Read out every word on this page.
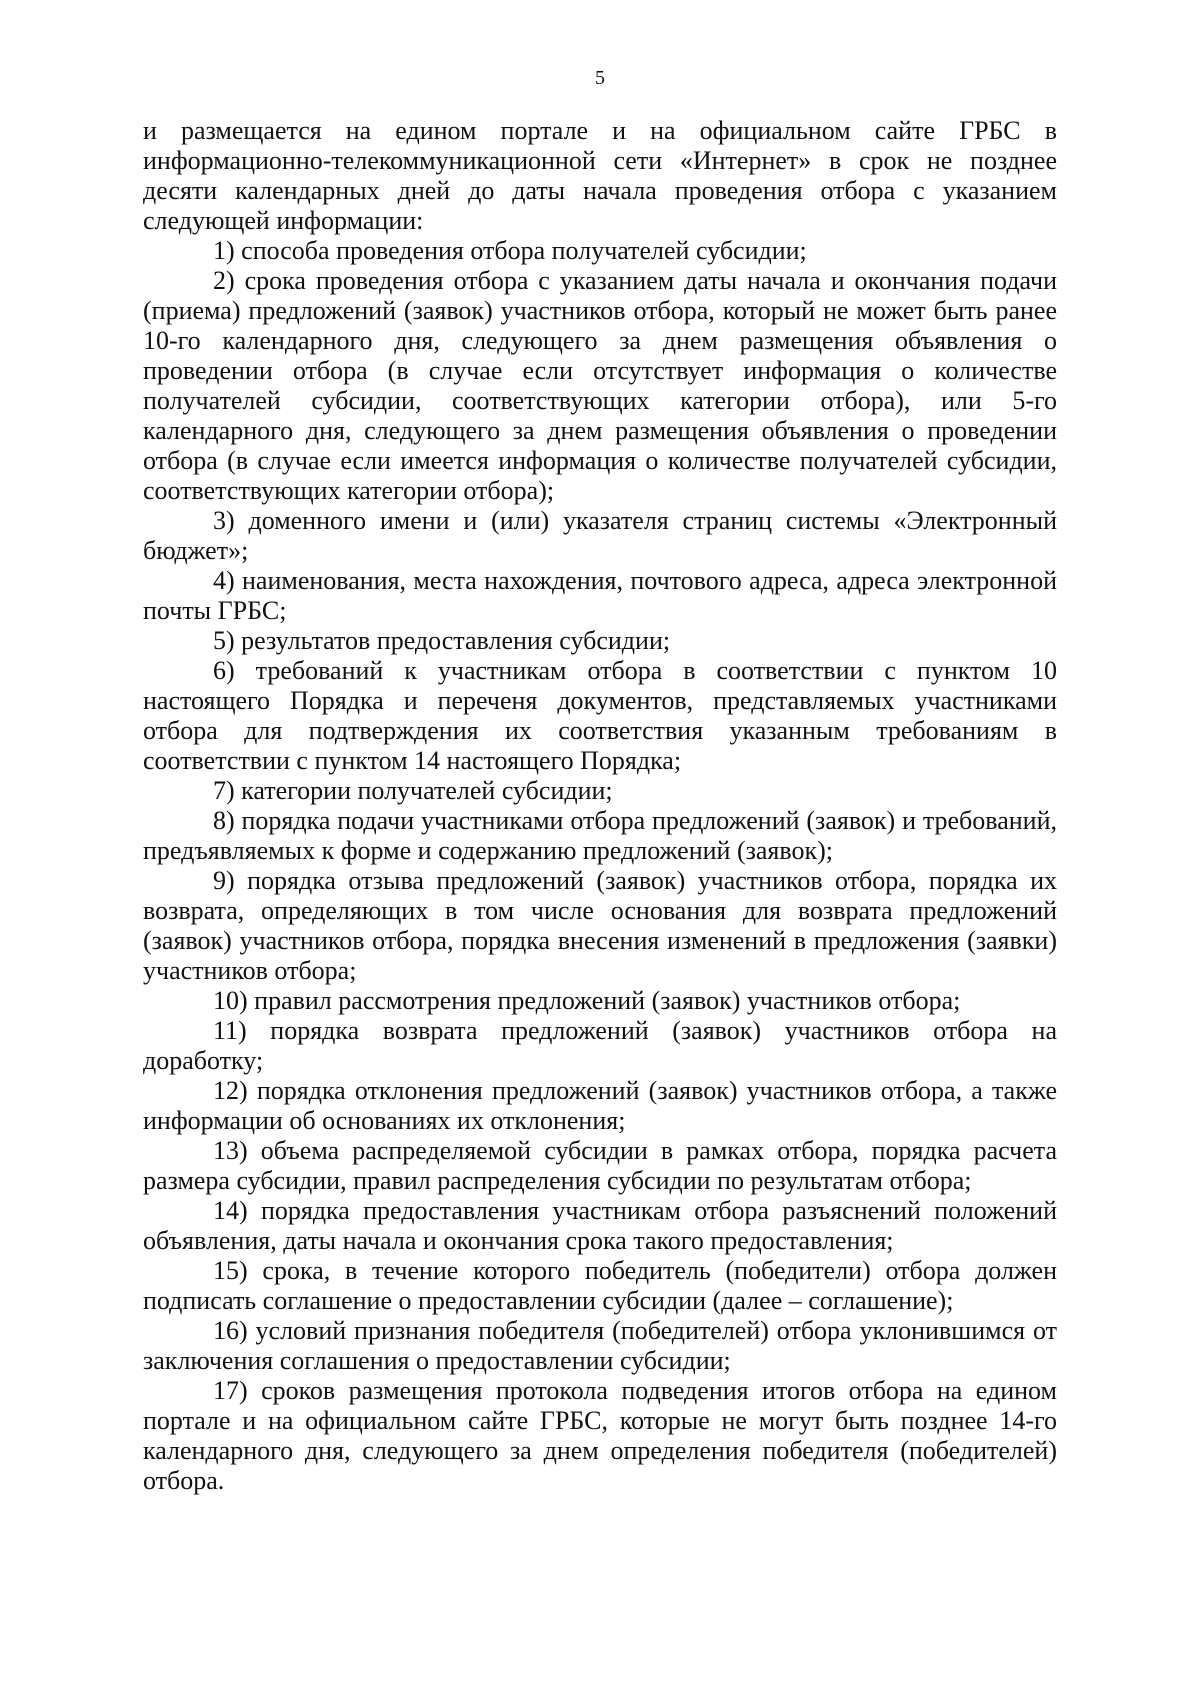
5

и размещается на едином портале и на официальном сайте ГРБС в информационно-телекоммуникационной сети «Интернет» в срок не позднее десяти календарных дней до даты начала проведения отбора с указанием следующей информации:

1) способа проведения отбора получателей субсидии;

2) срока проведения отбора с указанием даты начала и окончания подачи (приема) предложений (заявок) участников отбора, который не может быть ранее 10-го календарного дня, следующего за днем размещения объявления о проведении отбора (в случае если отсутствует информация о количестве получателей субсидии, соответствующих категории отбора), или 5-го календарного дня, следующего за днем размещения объявления о проведении отбора (в случае если имеется информация о количестве получателей субсидии, соответствующих категории отбора);

3) доменного имени и (или) указателя страниц системы «Электронный бюджет»;

4) наименования, места нахождения, почтового адреса, адреса электронной почты ГРБС;

5) результатов предоставления субсидии;

6) требований к участникам отбора в соответствии с пунктом 10 настоящего Порядка и переченя документов, представляемых участниками отбора для подтверждения их соответствия указанным требованиям в соответствии с пунктом 14 настоящего Порядка;

7) категории получателей субсидии;

8) порядка подачи участниками отбора предложений (заявок) и требований, предъявляемых к форме и содержанию предложений (заявок);

9) порядка отзыва предложений (заявок) участников отбора, порядка их возврата, определяющих в том числе основания для возврата предложений (заявок) участников отбора, порядка внесения изменений в предложения (заявки) участников отбора;

10) правил рассмотрения предложений (заявок) участников отбора;

11) порядка возврата предложений (заявок) участников отбора на доработку;

12) порядка отклонения предложений (заявок) участников отбора, а также информации об основаниях их отклонения;

13) объема распределяемой субсидии в рамках отбора, порядка расчета размера субсидии, правил распределения субсидии по результатам отбора;

14) порядка предоставления участникам отбора разъяснений положений объявления, даты начала и окончания срока такого предоставления;

15) срока, в течение которого победитель (победители) отбора должен подписать соглашение о предоставлении субсидии (далее – соглашение);

16) условий признания победителя (победителей) отбора уклонившимся от заключения соглашения о предоставлении субсидии;

17) сроков размещения протокола подведения итогов отбора на едином портале и на официальном сайте ГРБС, которые не могут быть позднее 14-го календарного дня, следующего за днем определения победителя (победителей) отбора.
